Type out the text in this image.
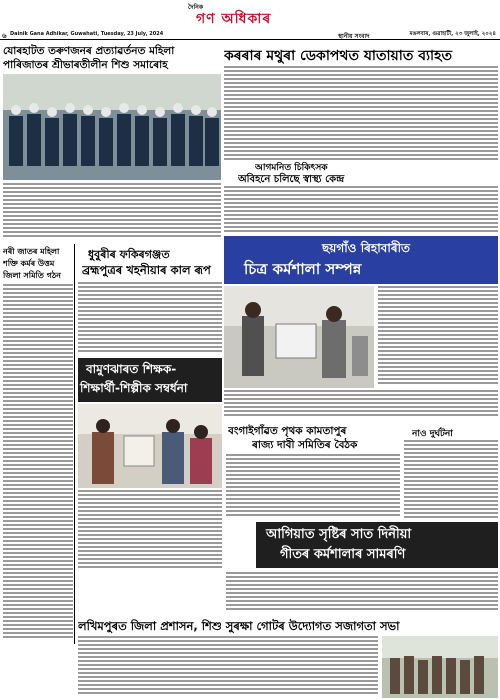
দৈনিক
গণ অধিকাৰ
৬ Dainik Gana Adhikar, Guwahati, Tuesday, 23 July, 2024	স্থানীয় সংবাদ	মঙলবাৰ, গুৱাহাটী, ২৩ জুলাই, ২০২৪
যোৰহাটত তৰুণজনৰ প্ৰত্যাৱৰ্তনত মহিলা
পাৰিজাতৰ শ্ৰীভাৰতীলীন শিশু সমাৰোহ
কৰৰাৰ মথুৰা ডেকাপথত যাতায়াত ব্যাহত
আগমনিত চিকিৎসক
অবিহনে চলিছে স্বাস্থ্য কেন্দ্ৰ
ছয়গাঁও ৰিহাবাৰীত
চিত্ৰ কৰ্মশালা সম্পন্ন
নৰী জাতৰ মহিলা
শক্তি কৰ্মৰ উত্তম
জিলা সমিতি গঠন
ধুবুৰীৰ ফকিৰগঞ্জত
ব্ৰহ্মপুত্ৰৰ খহনীয়াৰ কাল ৰূপ
বামুণঝাৰত শিক্ষক-
শিক্ষাৰ্থী-শিল্পীক সম্বৰ্ধনা
বংগাইগাঁৱত পৃথক কামতাপুৰ
ৰাজ্য দাবী সমিতিৰ বৈঠক
নাও দুৰ্ঘটনা
আগিয়াত সৃষ্টিৰ সাত দিনীয়া
গীতৰ কৰ্মশালাৰ সামৰণি
লখিমপুৰত জিলা প্ৰশাসন, শিশু সুৰক্ষা গোটৰ উদ্যোগত সজাগতা সভা
